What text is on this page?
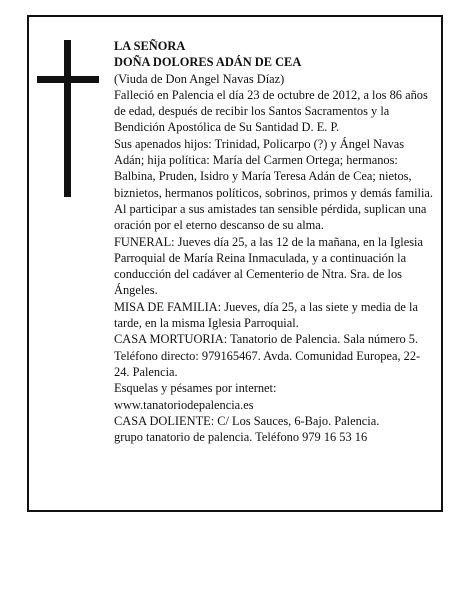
LA SEÑORA

DOÑA DOLORES ADÁN DE CEA

(Viuda de Don Angel Navas Díaz)

Falleció en Palencia el día 23 de octubre de 2012, a los 86 años de edad, después de recibir los Santos Sacramentos y la Bendición Apostólica de Su Santidad D. E. P.

Sus apenados hijos: Trinidad, Policarpo (?) y Ángel Navas Adán; hija política: María del Carmen Ortega; hermanos: Balbina, Pruden, Isidro y María Teresa Adán de Cea; nietos, biznietos, hermanos políticos, sobrinos, primos y demás familia.

Al participar a sus amistades tan sensible pérdida, suplican una oración por el eterno descanso de su alma.

FUNERAL: Jueves día 25, a las 12 de la mañana, en la Iglesia Parroquial de María Reina Inmaculada, y a continuación la conducción del cadáver al Cementerio de Ntra. Sra. de los Ángeles.

MISA DE FAMILIA: Jueves, día 25, a las siete y media de la tarde, en la misma Iglesia Parroquial.

CASA MORTUORIA: Tanatorio de Palencia. Sala número 5. Teléfono directo: 979165467. Avda. Comunidad Europea, 22-24. Palencia.

Esquelas y pésames por internet:

www.tanatoriodepalencia.es

CASA DOLIENTE: C/ Los Sauces, 6-Bajo. Palencia.

grupo tanatorio de palencia. Teléfono 979 16 53 16
